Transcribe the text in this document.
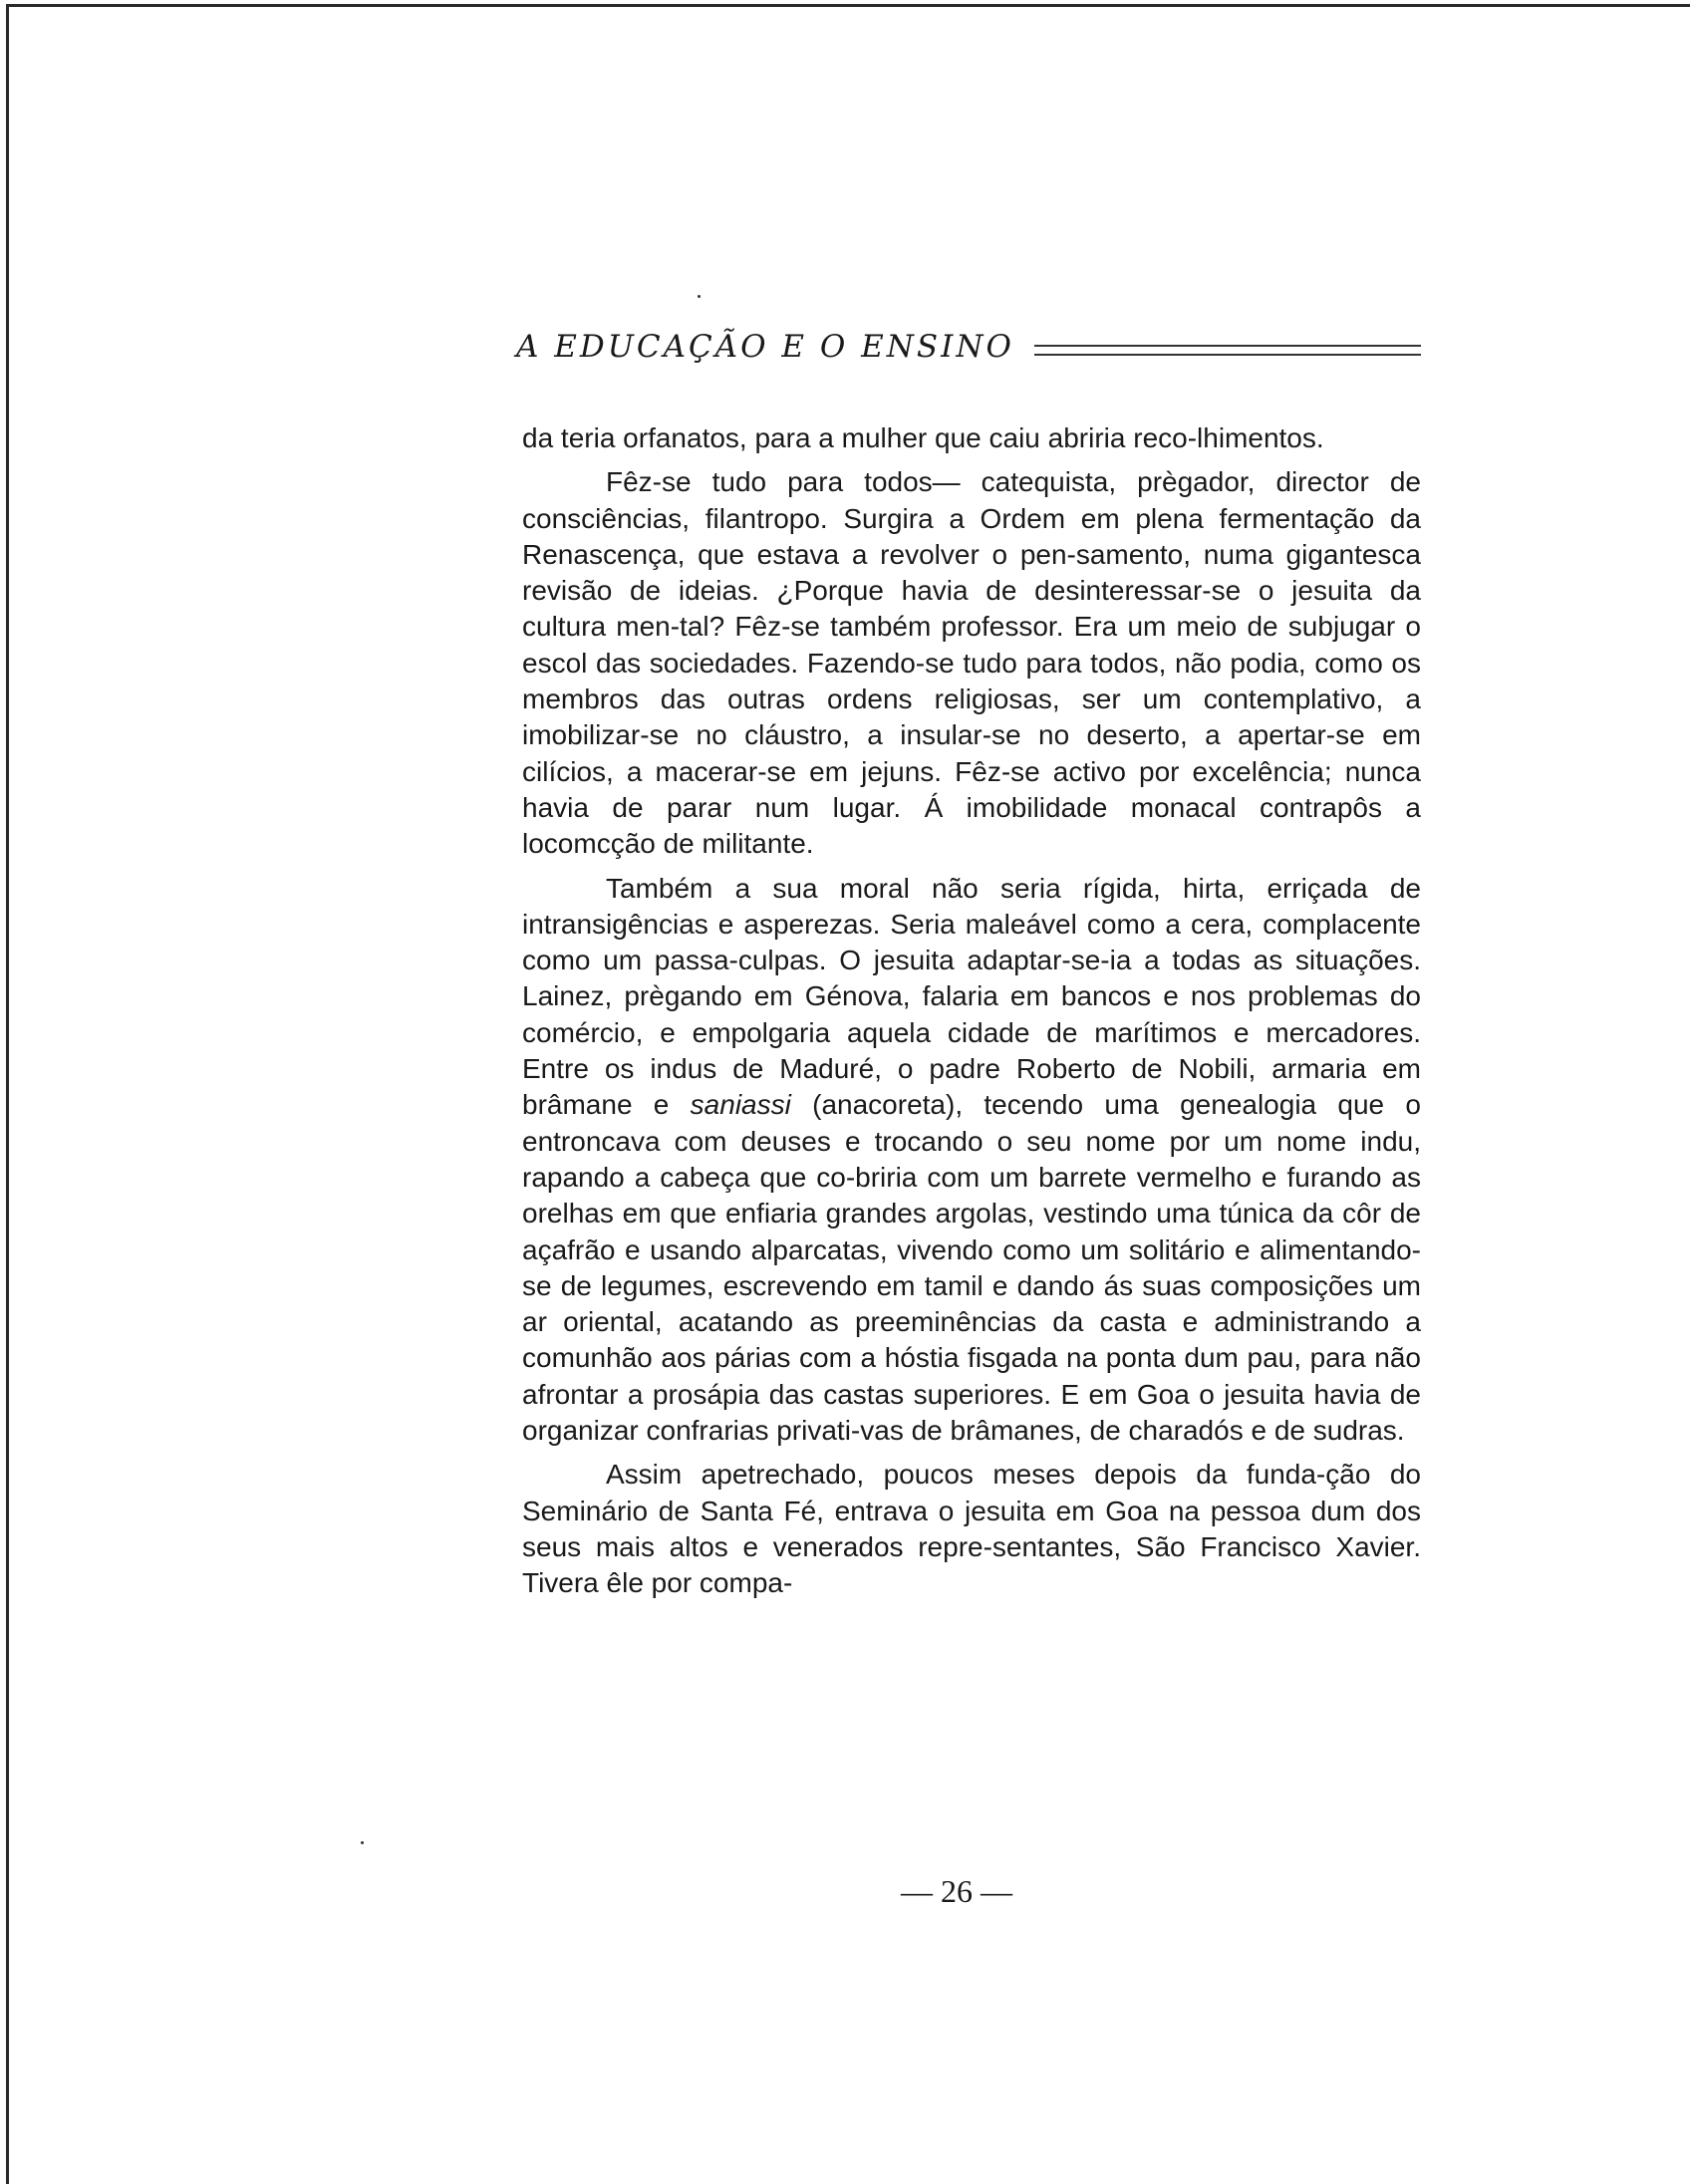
A EDUCAÇÃO E O ENSINO

da teria orfanatos, para a mulher que caiu abriria reco-lhimentos.

Fêz-se tudo para todos— catequista, prègador, director de consciências, filantropo. Surgira a Ordem em plena fermentação da Renascença, que estava a revolver o pen-samento, numa gigantesca revisão de ideias. ¿Porque havia de desinteressar-se o jesuita da cultura men-tal? Fêz-se também professor. Era um meio de subjugar o escol das sociedades. Fazendo-se tudo para todos, não podia, como os membros das outras ordens religiosas, ser um contemplativo, a imobilizar-se no cláustro, a insular-se no deserto, a apertar-se em cilícios, a macerar-se em jejuns. Fêz-se activo por excelência; nunca havia de parar num lugar. Á imobilidade monacal contrapôs a locomcção de militante.

Também a sua moral não seria rígida, hirta, erriçada de intransigências e asperezas. Seria maleável como a cera, complacente como um passa-culpas. O jesuita adaptar-se-ia a todas as situações. Lainez, prègando em Génova, falaria em bancos e nos problemas do comércio, e empolgaria aquela cidade de marítimos e mercadores. Entre os indus de Maduré, o padre Roberto de Nobili, armaria em brâmane e saniassi (anacoreta), tecendo uma genealogia que o entroncava com deuses e trocando o seu nome por um nome indu, rapando a cabeça que co-briria com um barrete vermelho e furando as orelhas em que enfiaria grandes argolas, vestindo uma túnica da côr de açafrão e usando alparcatas, vivendo como um solitário e alimentando-se de legumes, escrevendo em tamil e dando ás suas composições um ar oriental, acatando as preeminências da casta e administrando a comunhão aos párias com a hóstia fisgada na ponta dum pau, para não afrontar a prosápia das castas superiores. E em Goa o jesuita havia de organizar confrarias privati-vas de brâmanes, de charadós e de sudras.

Assim apetrechado, poucos meses depois da funda-ção do Seminário de Santa Fé, entrava o jesuita em Goa na pessoa dum dos seus mais altos e venerados repre-sentantes, São Francisco Xavier. Tivera êle por compa-

— 26 —
